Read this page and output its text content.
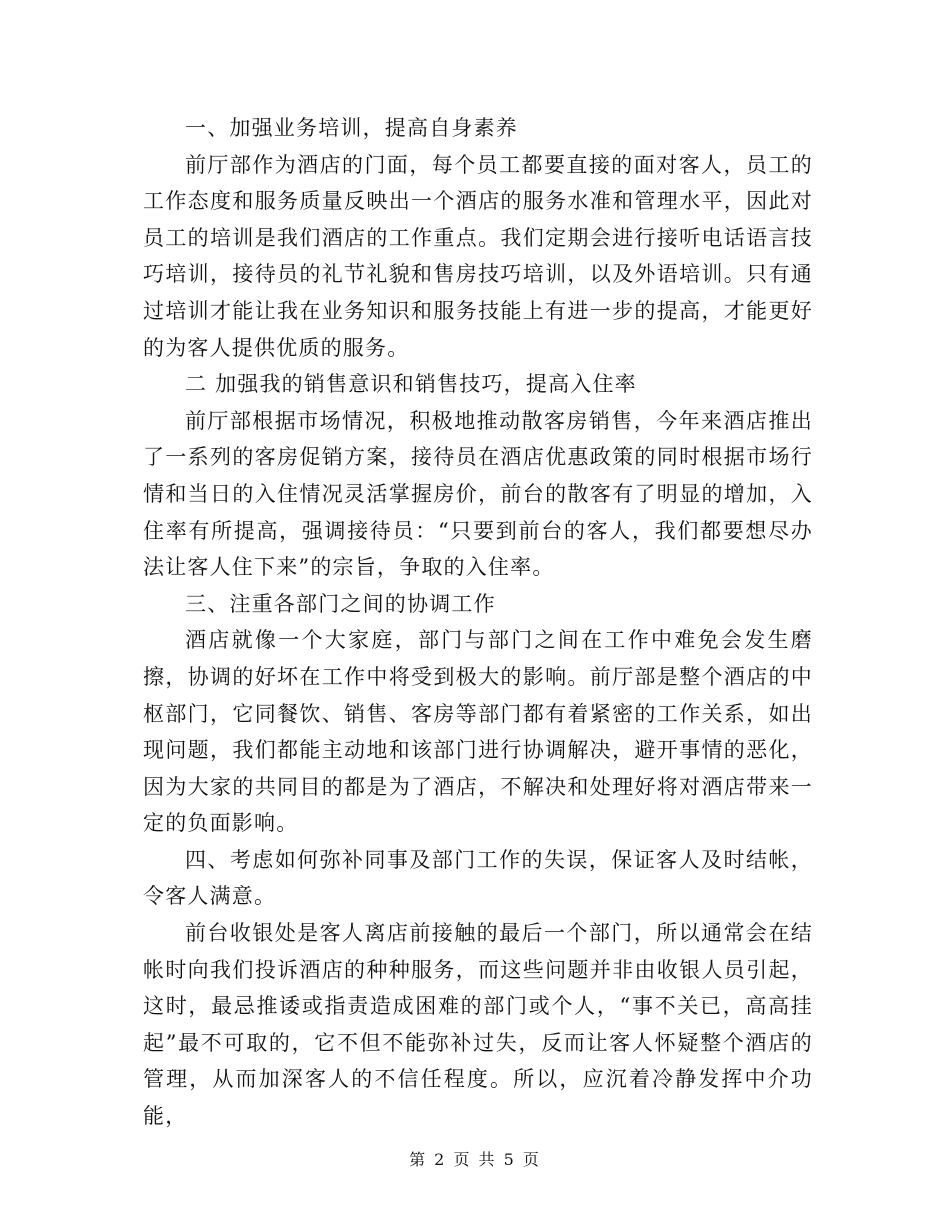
一、加强业务培训，提高自身素养

前厅部作为酒店的门面，每个员工都要直接的面对客人，员工的工作态度和服务质量反映出一个酒店的服务水准和管理水平，因此对员工的培训是我们酒店的工作重点。我们定期会进行接听电话语言技巧培训，接待员的礼节礼貌和售房技巧培训，以及外语培训。只有通过培训才能让我在业务知识和服务技能上有进一步的提高，才能更好的为客人提供优质的服务。

二 加强我的销售意识和销售技巧，提高入住率

前厅部根据市场情况，积极地推动散客房销售，今年来酒店推出了一系列的客房促销方案，接待员在酒店优惠政策的同时根据市场行情和当日的入住情况灵活掌握房价，前台的散客有了明显的增加，入住率有所提高，强调接待员：“只要到前台的客人，我们都要想尽办法让客人住下来”的宗旨，争取的入住率。

三、注重各部门之间的协调工作

酒店就像一个大家庭，部门与部门之间在工作中难免会发生磨擦，协调的好坏在工作中将受到极大的影响。前厅部是整个酒店的中枢部门，它同餐饮、销售、客房等部门都有着紧密的工作关系，如出现问题，我们都能主动地和该部门进行协调解决，避开事情的恶化，因为大家的共同目的都是为了酒店，不解决和处理好将对酒店带来一定的负面影响。

四、考虑如何弥补同事及部门工作的失误，保证客人及时结帐，令客人满意。

前台收银处是客人离店前接触的最后一个部门，所以通常会在结帐时向我们投诉酒店的种种服务，而这些问题并非由收银人员引起，这时，最忌推诿或指责造成困难的部门或个人，“事不关已，高高挂起”最不可取的，它不但不能弥补过失，反而让客人怀疑整个酒店的管理，从而加深客人的不信任程度。所以，应沉着冷静发挥中介功能，

第 2 页 共 5 页
